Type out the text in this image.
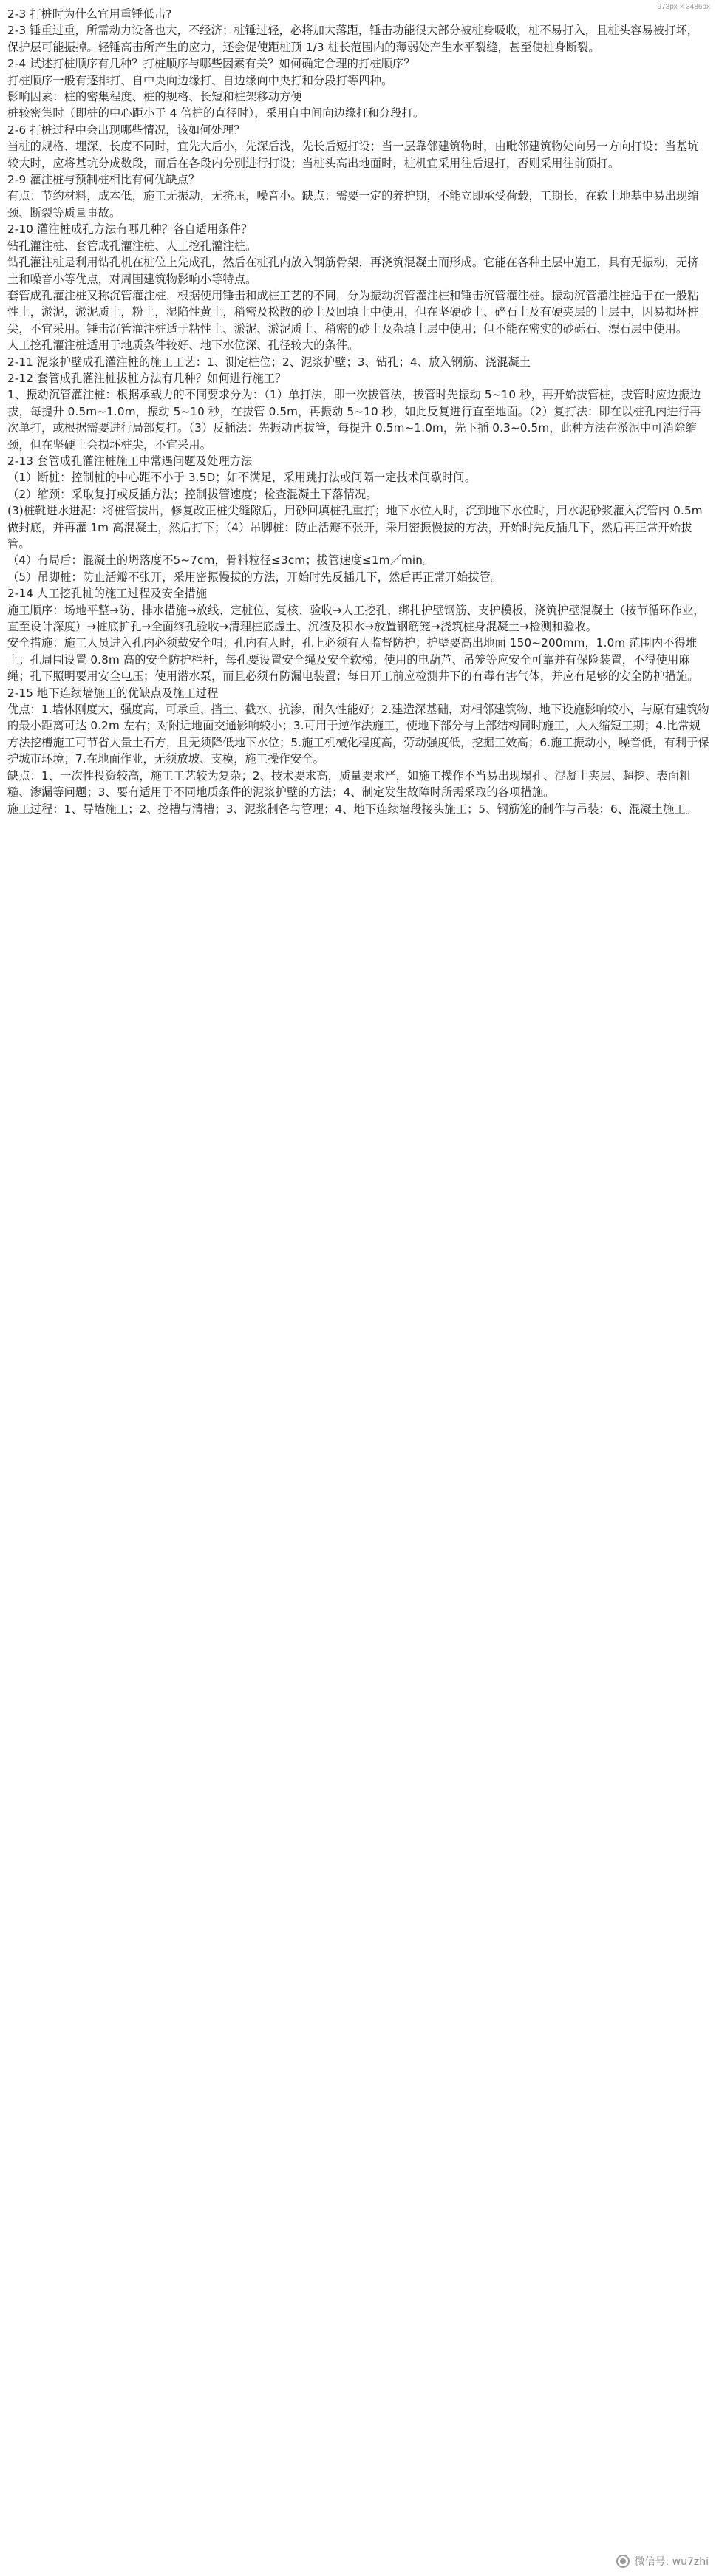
973px × 3486px
2-3 打桩时为什么宜用重锤低击?
2-3 锤重过重，所需动力设备也大，不经济；桩锤过轻，必将加大落距，锤击功能很大部分被桩身吸收，桩不易打入，且桩头容易被打坏，保护层可能振掉。轻锤高击所产生的应力，还会促使距桩顶 1/3 桩长范围内的薄弱处产生水平裂缝，甚至使桩身断裂。
2-4 试述打桩顺序有几种？打桩顺序与哪些因素有关？如何确定合理的打桩顺序？
打桩顺序一般有逐排打、自中央向边缘打、自边缘向中央打和分段打等四种。
影响因素：桩的密集程度、桩的规格、长短和桩架移动方便
桩较密集时（即桩的中心距小于 4 倍桩的直径时），采用自中间向边缘打和分段打。
2-6 打桩过程中会出现哪些情况，该如何处理？
当桩的规格、埋深、长度不同时，宜先大后小，先深后浅，先长后短打设；当一层靠邻建筑物时，由毗邻建筑物处向另一方向打设；当基坑较大时，应将基坑分成数段，而后在各段内分别进行打设；当桩头高出地面时，桩机宜采用往后退打，否则采用往前顶打。
2-9 灌注桩与预制桩相比有何优缺点？
有点：节约材料，成本低，施工无振动，无挤压，噪音小。缺点：需要一定的养护期，不能立即承受荷载，工期长，在软土地基中易出现缩颈、断裂等质量事故。
2-10 灌注桩成孔方法有哪几种？各自适用条件？
钻孔灌注桩、套管成孔灌注桩、人工挖孔灌注桩。
钻孔灌注桩是利用钻孔机在桩位上先成孔，然后在桩孔内放入钢筋骨架，再浇筑混凝土而形成。它能在各种土层中施工，具有无振动，无挤土和噪音小等优点，对周围建筑物影响小等特点。
套管成孔灌注桩又称沉管灌注桩，根据使用锤击和成桩工艺的不同，分为振动沉管灌注桩和锤击沉管灌注桩。振动沉管灌注桩适于在一般粘性土，淤泥，淤泥质土，粉土，湿陷性黄土，稍密及松散的砂土及回填土中使用，但在坚硬砂土、碎石土及有硬夹层的土层中，因易损坏桩尖，不宜采用。锤击沉管灌注桩适于粘性土、淤泥、淤泥质土、稍密的砂土及杂填土层中使用；但不能在密实的砂砾石、漂石层中使用。
人工挖孔灌注桩适用于地质条件较好、地下水位深、孔径较大的条件。
2-11 泥浆护壁成孔灌注桩的施工工艺：1、测定桩位；2、泥浆护壁；3、钻孔；4、放入钢筋、浇混凝土
2-12 套管成孔灌注桩拔桩方法有几种？如何进行施工？
1、振动沉管灌注桩：根据承载力的不同要求分为：（1）单打法，即一次拔管法，拔管时先振动 5~10 秒，再开始拔管桩，拔管时应边振边拔，每提升 0.5m~1.0m，振动 5~10 秒，在拔管 0.5m，再振动 5~10 秒，如此反复进行直至地面。（2）复打法：即在以桩孔内进行再次单打，或根据需要进行局部复打。（3）反插法：先振动再拔管，每提升 0.5m~1.0m，先下插 0.3~0.5m，此种方法在淤泥中可消除缩颈，但在坚硬土会损坏桩尖，不宜采用。
2-13 套管成孔灌注桩施工中常遇问题及处理方法
（1）断桩：控制桩的中心距不小于 3.5D；如不满足，采用跳打法或间隔一定技术间歇时间。
（2）缩颈：采取复打或反插方法；控制拔管速度；检查混凝土下落情况。
(3)桩靴进水进泥：将桩管拔出，修复改正桩尖缝隙后，用砂回填桩孔重打；地下水位人时，沉到地下水位时，用水泥砂浆灌入沉管内 0.5m 做封底，并再灌 1m 高混凝土，然后打下；（4）吊脚桩：防止活瓣不张开，采用密振慢拔的方法，开始时先反插几下，然后再正常开始拔管。
（4）有局后：混凝土的坍落度不5~7cm，骨料粒径≤3cm；拔管速度≤1m／min。
（5）吊脚桩：防止活瓣不张开，采用密振慢拔的方法，开始时先反插几下，然后再正常开始拔管。
2-14 人工挖孔桩的施工过程及安全措施
施工顺序：场地平整→防、排水措施→放线、定桩位、复核、验收→人工挖孔，绑扎护壁钢筋、支护模板，浇筑护壁混凝土（按节循环作业，直至设计深度）→桩底扩孔→全面终孔验收→清理桩底虚土、沉渣及积水→放置钢筋笼→浇筑桩身混凝土→检测和验收。
安全措施：施工人员进入孔内必须戴安全帽；孔内有人时，孔上必须有人监督防护；护壁要高出地面 150~200mm，1.0m 范围内不得堆土；孔周围设置 0.8m 高的安全防护栏杆，每孔要设置安全绳及安全软梯；使用的电葫芦、吊笼等应安全可靠并有保险装置，不得使用麻绳；孔下照明要用安全电压；使用潜水泵，而且必须有防漏电装置；每日开工前应检测井下的有毒有害气体，并应有足够的安全防护措施。
2-15 地下连续墙施工的优缺点及施工过程
优点：1.墙体刚度大，强度高，可承重、挡土、截水、抗渗，耐久性能好；2.建造深基础，对相邻建筑物、地下设施影响较小，与原有建筑物的最小距离可达 0.2m 左右；对附近地面交通影响较小；3.可用于逆作法施工，使地下部分与上部结构同时施工，大大缩短工期；4.比常规方法挖槽施工可节省大量土石方，且无须降低地下水位；5.施工机械化程度高，劳动强度低，挖掘工效高；6.施工振动小，噪音低，有利于保护城市环境；7.在地面作业，无须放坡、支模，施工操作安全。
缺点：1、一次性投资较高，施工工艺较为复杂；2、技术要求高，质量要求严，如施工操作不当易出现塌孔、混凝土夹层、超挖、表面粗糙、渗漏等问题；3、要有适用于不同地质条件的泥浆护壁的方法；4、制定发生故障时所需采取的各项措施。
施工过程：1、导墙施工；2、挖槽与清槽；3、泥浆制备与管理；4、地下连续墙段接头施工；5、钢筋笼的制作与吊装；6、混凝土施工。
微信号: wu7zhi
